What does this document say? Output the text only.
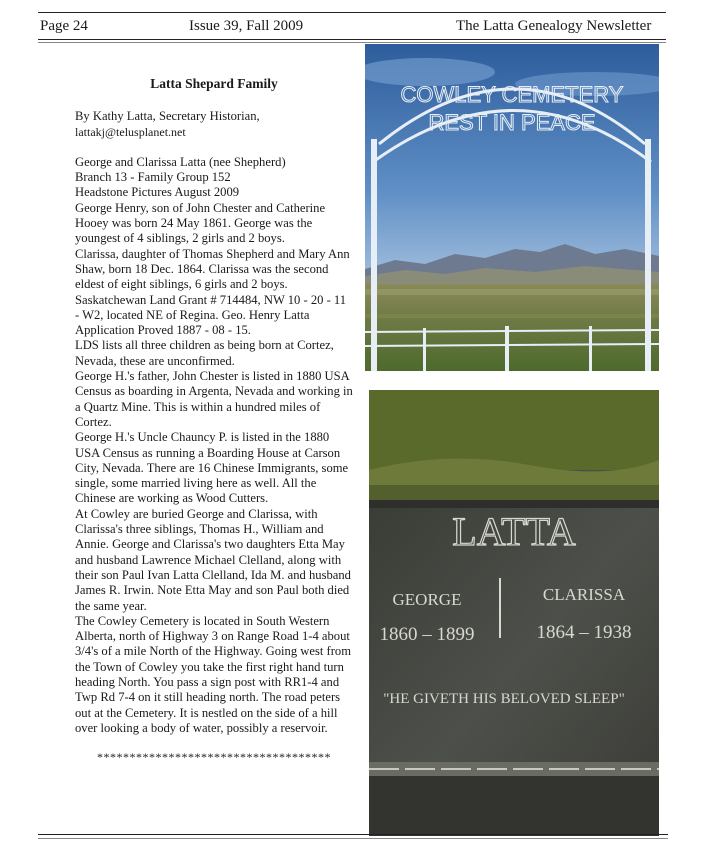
Page 24	Issue 39, Fall 2009	The Latta Genealogy Newsletter
Latta Shepard Family
By Kathy Latta, Secretary Historian,
lattakj@telusplanet.net
George and Clarissa Latta (nee Shepherd)
Branch 13 - Family Group 152
Headstone Pictures August 2009

George Henry, son of John Chester and Catherine Hooey was born 24 May 1861. George was the youngest of 4 siblings, 2 girls and 2 boys.

Clarissa, daughter of Thomas Shepherd and Mary Ann Shaw, born 18 Dec. 1864. Clarissa was the second eldest of eight siblings, 6 girls and 2 boys.

Saskatchewan Land Grant # 714484, NW 10 - 20 - 11 - W2, located NE of Regina. Geo. Henry Latta Application Proved 1887 - 08 - 15.

LDS lists all three children as being born at Cortez, Nevada, these are unconfirmed.

George H.'s father, John Chester is listed in 1880 USA Census as boarding in Argenta, Nevada and working in a Quartz Mine. This is within a hundred miles of Cortez.

George H.'s Uncle Chauncy P. is listed in the 1880 USA Census as running a Boarding House at Carson City, Nevada. There are 16 Chinese Immigrants, some single, some married living here as well. All the Chinese are working as Wood Cutters.

At Cowley are buried George and Clarissa, with Clarissa's three siblings, Thomas H., William and Annie. George and Clarissa's two daughters Etta May and husband Lawrence Michael Clelland, along with their son Paul Ivan Latta Clelland, Ida M. and husband James R. Irwin. Note Etta May and son Paul both died the same year.

The Cowley Cemetery is located in South Western Alberta, north of Highway 3 on Range Road 1-4 about 3/4's of a mile North of the Highway. Going west from the Town of Cowley you take the first right hand turn heading North. You pass a sign post with RR1-4 and Twp Rd 7-4 on it still heading north. The road peters out at the Cemetery. It is nestled on the side of a hill over looking a body of water, possibly a reservoir.

************************************
COWLEY CEMETERY
REST IN PEACE
LATTA
GEORGE
1860 – 1899
CLARISSA
1864 – 1938
"HE GIVETH HIS BELOVED SLEEP"
